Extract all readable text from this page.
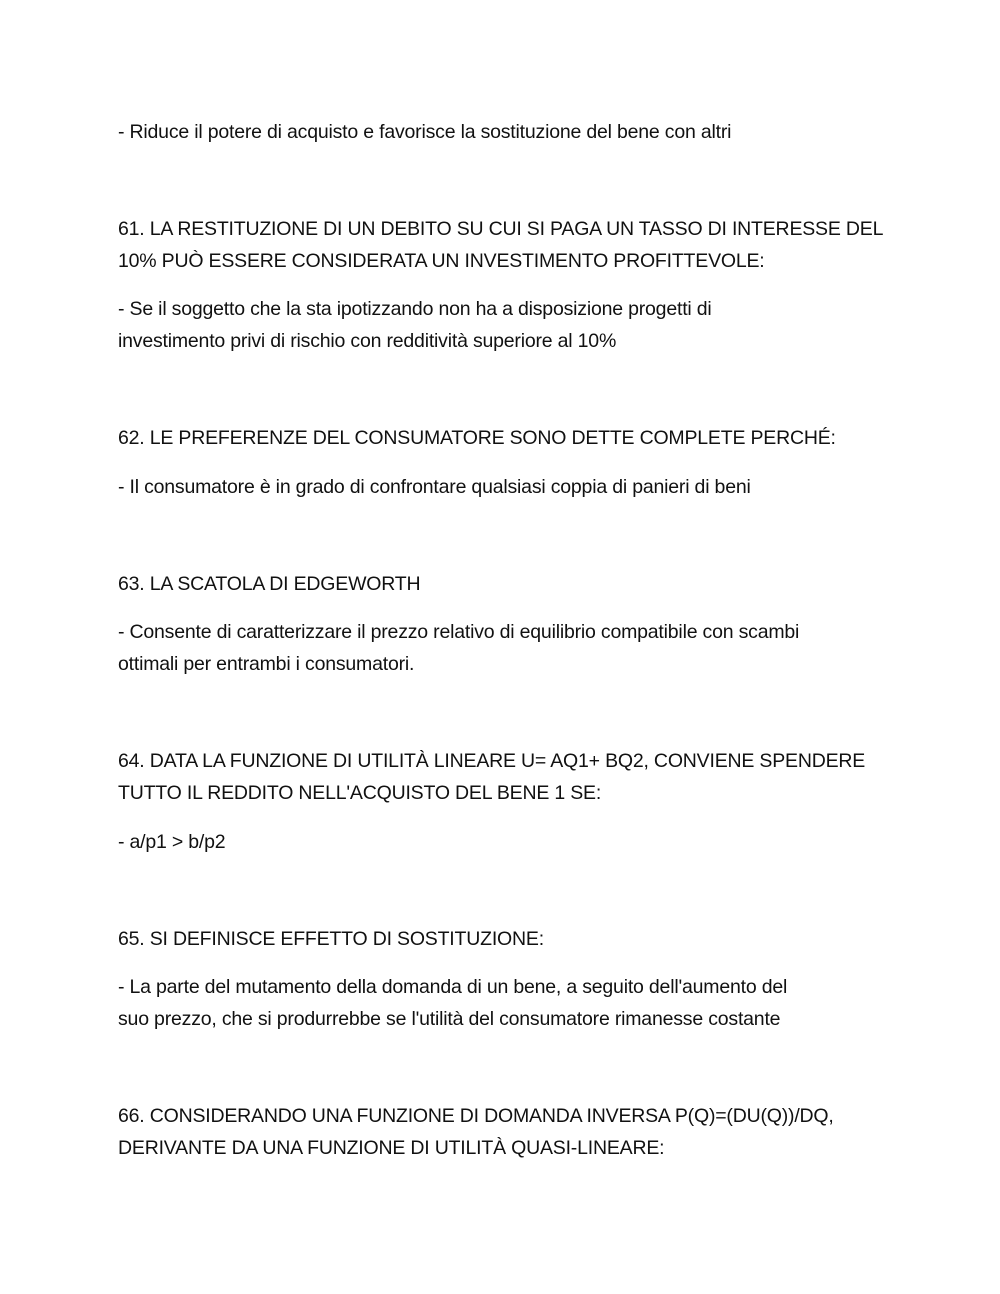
- Riduce il potere di acquisto e favorisce la sostituzione del bene con altri
61. LA RESTITUZIONE DI UN DEBITO SU CUI SI PAGA UN TASSO DI INTERESSE DEL
10% PUÒ ESSERE CONSIDERATA UN INVESTIMENTO PROFITTEVOLE:
- Se il soggetto che la sta ipotizzando non ha a disposizione progetti di
investimento privi di rischio con redditività superiore al 10%
62. LE PREFERENZE DEL CONSUMATORE SONO DETTE COMPLETE PERCHÉ:
- Il consumatore è in grado di confrontare qualsiasi coppia di panieri di beni
63. LA SCATOLA DI EDGEWORTH
- Consente di caratterizzare il prezzo relativo di equilibrio compatibile con scambi
ottimali per entrambi i consumatori.
64. DATA LA FUNZIONE DI UTILITÀ LINEARE U= AQ1+ BQ2, CONVIENE SPENDERE
TUTTO IL REDDITO NELL'ACQUISTO DEL BENE 1 SE:
- a/p1 > b/p2
65. SI DEFINISCE EFFETTO DI SOSTITUZIONE:
- La parte del mutamento della domanda di un bene, a seguito dell'aumento del
suo prezzo, che si produrrebbe se l'utilità del consumatore rimanesse costante
66. CONSIDERANDO UNA FUNZIONE DI DOMANDA INVERSA P(Q)=(DU(Q))/DQ,
DERIVANTE DA UNA FUNZIONE DI UTILITÀ QUASI-LINEARE:
